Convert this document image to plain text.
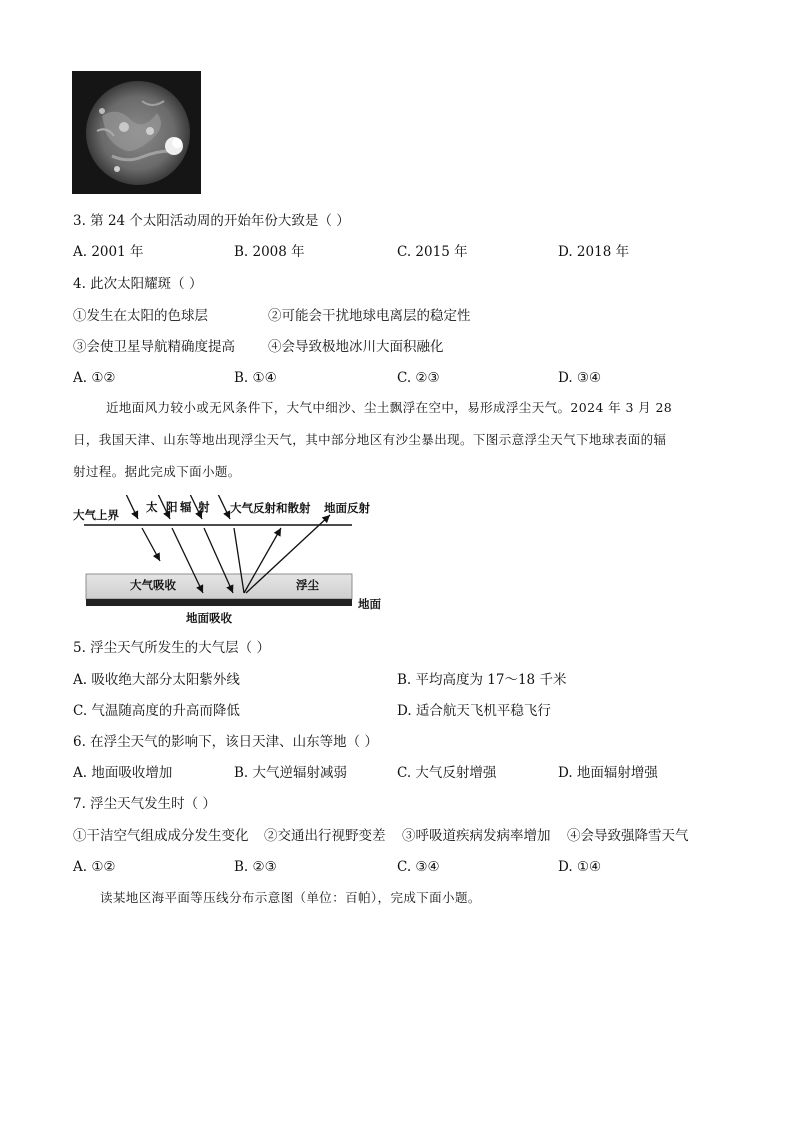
3. 第 24 个太阳活动周的开始年份大致是（ ）
A. 2001 年	B. 2008 年	C. 2015 年	D. 2018 年
4. 此次太阳耀斑（ ）
①发生在太阳的色球层	②可能会干扰地球电离层的稳定性
③会使卫星导航精确度提高 ④会导致极地冰川大面积融化
A. ①②	B. ①④	C. ②③	D. ③④
近地面风力较小或无风条件下，大气中细沙、尘土飘浮在空中，易形成浮尘天气。2024 年 3 月 28
日，我国天津、山东等地出现浮尘天气，其中部分地区有沙尘暴出现。下图示意浮尘天气下地球表面的辐
射过程。据此完成下面小题。
大气上界
太 阳 辐 射 大气反射和散射 地面反射
大气吸收	浮尘
地面
地面吸收
5. 浮尘天气所发生的大气层（ ）
A. 吸收绝大部分太阳紫外线	B. 平均高度为 17～18 千米
C. 气温随高度的升高而降低	D. 适合航天飞机平稳飞行
6. 在浮尘天气的影响下，该日天津、山东等地（ ）
A. 地面吸收增加	B. 大气逆辐射减弱	C. 大气反射增强	D. 地面辐射增强
7. 浮尘天气发生时（ ）
①干洁空气组成成分发生变化 ②交通出行视野变差 ③呼吸道疾病发病率增加 ④会导致强降雪天气
A. ①②	B. ②③	C. ③④	D. ①④
读某地区海平面等压线分布示意图（单位：百帕），完成下面小题。
